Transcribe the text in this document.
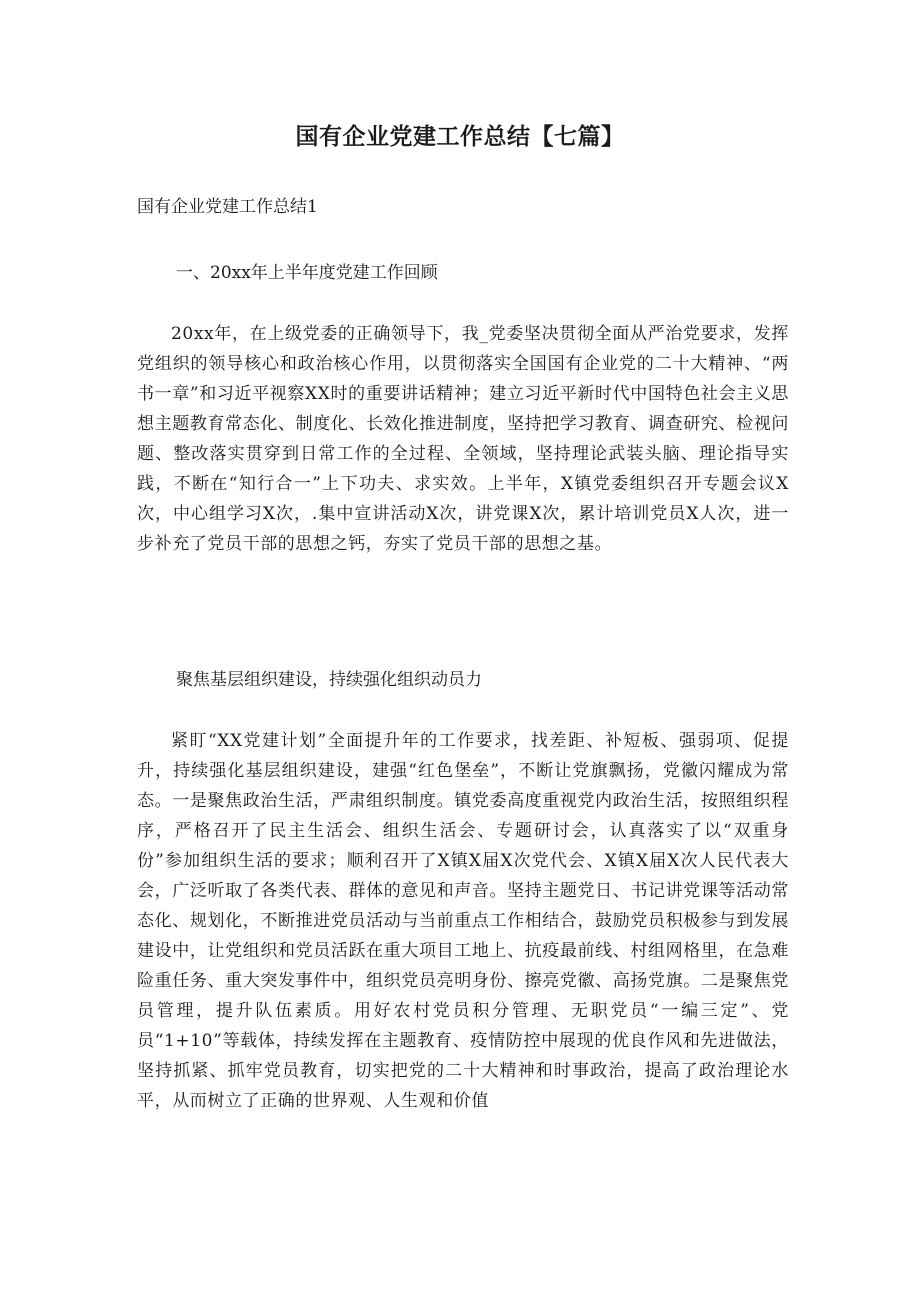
国有企业党建工作总结【七篇】

国有企业党建工作总结1

一、20xx年上半年度党建工作回顾

20xx年，在上级党委的正确领导下，我_党委坚决贯彻全面从严治党要求，发挥党组织的领导核心和政治核心作用，以贯彻落实全国国有企业党的二十大精神、“两书一章”和习近平视察XX时的重要讲话精神；建立习近平新时代中国特色社会主义思想主题教育常态化、制度化、长效化推进制度，坚持把学习教育、调查研究、检视问题、整改落实贯穿到日常工作的全过程、全领域，坚持理论武装头脑、理论指导实践，不断在“知行合一”上下功夫、求实效。上半年，X镇党委组织召开专题会议X次，中心组学习X次，.集中宣讲活动X次，讲党课X次，累计培训党员X人次，进一步补充了党员干部的思想之钙，夯实了党员干部的思想之基。

聚焦基层组织建设，持续强化组织动员力

紧盯“XX党建计划”全面提升年的工作要求，找差距、补短板、强弱项、促提升，持续强化基层组织建设，建强“红色堡垒”，不断让党旗飘扬，党徽闪耀成为常态。一是聚焦政治生活，严肃组织制度。镇党委高度重视党内政治生活，按照组织程序，严格召开了民主生活会、组织生活会、专题研讨会，认真落实了以“双重身份”参加组织生活的要求；顺利召开了X镇X届X次党代会、X镇X届X次人民代表大会，广泛听取了各类代表、群体的意见和声音。坚持主题党日、书记讲党课等活动常态化、规划化，不断推进党员活动与当前重点工作相结合，鼓励党员积极参与到发展建设中，让党组织和党员活跃在重大项目工地上、抗疫最前线、村组网格里，在急难险重任务、重大突发事件中，组织党员亮明身份、擦亮党徽、高扬党旗。二是聚焦党员管理，提升队伍素质。用好农村党员积分管理、无职党员“一编三定”、党员“1+10”等载体，持续发挥在主题教育、疫情防控中展现的优良作风和先进做法，坚持抓紧、抓牢党员教育，切实把党的二十大精神和时事政治，提高了政治理论水平，从而树立了正确的世界观、人生观和价值
